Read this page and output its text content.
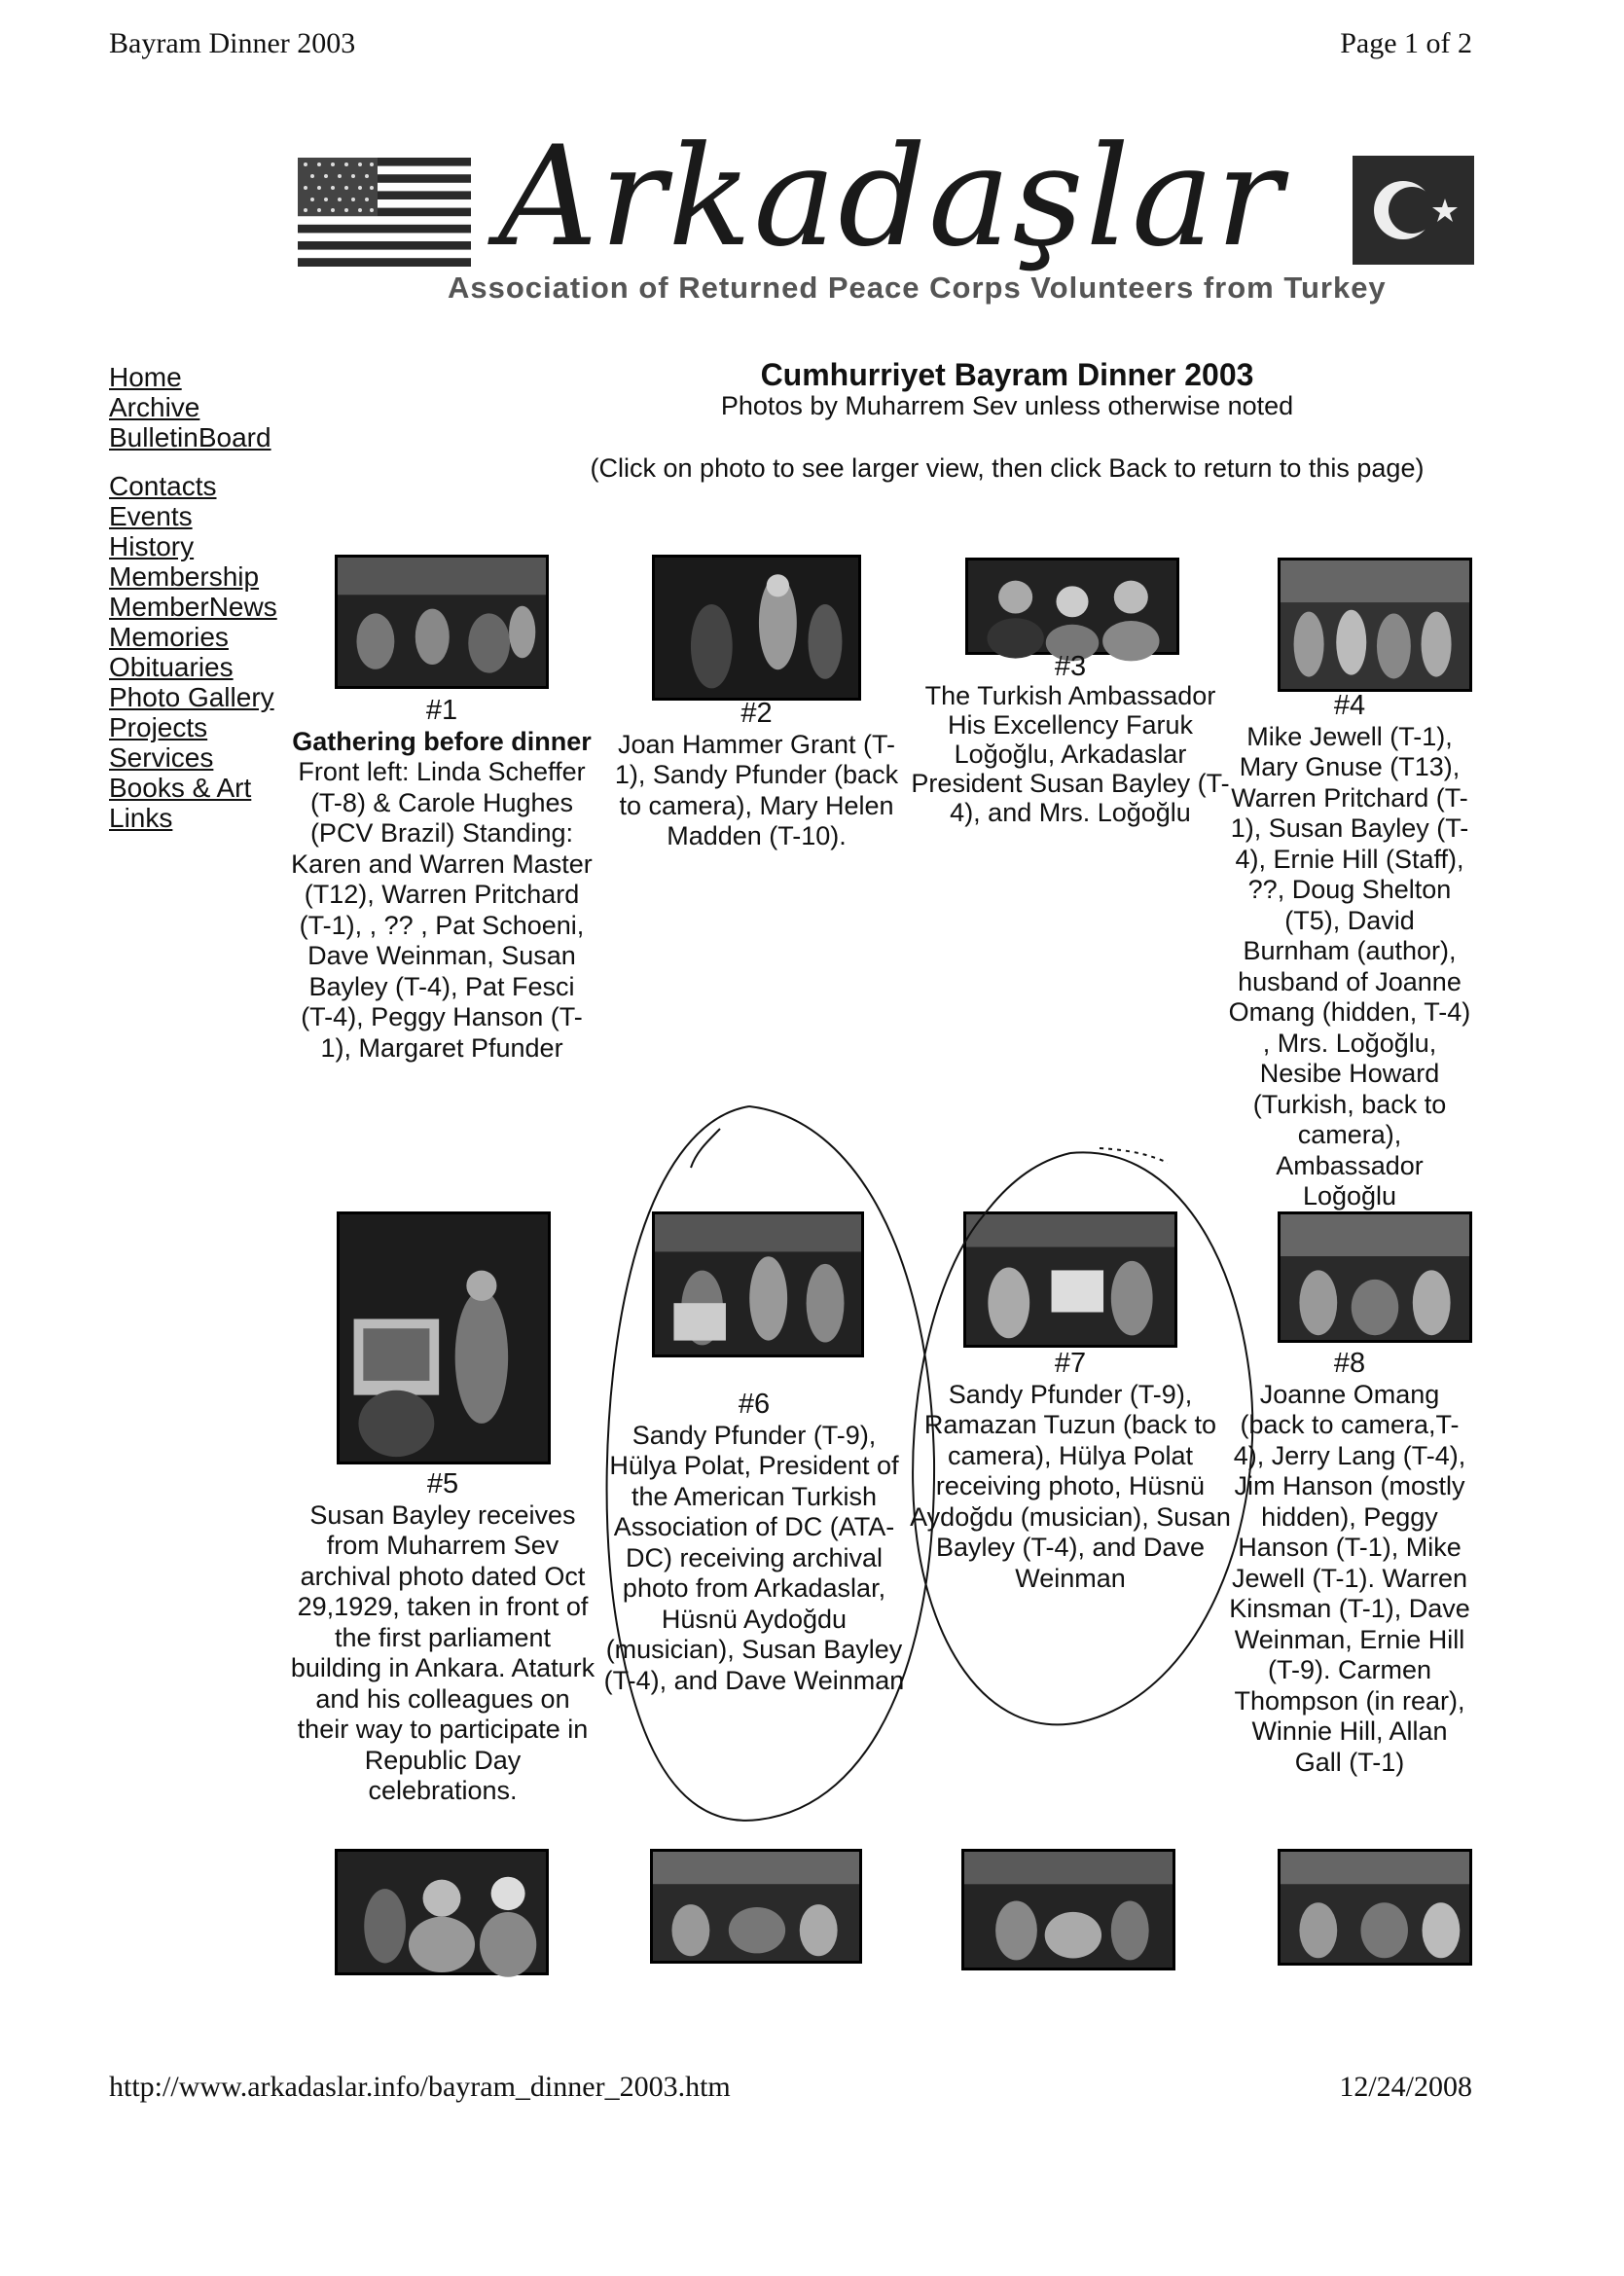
Bayram Dinner 2003	Page 1 of 2
Arkadaşlar
Association of Returned Peace Corps Volunteers from Turkey
Home
Archive
BulletinBoard
Contacts
Events
History
Membership
MemberNews
Memories
Obituaries
Photo Gallery
Projects
Services
Books & Art
Links
Cumhurriyet Bayram Dinner 2003
Photos by Muharrem Sev unless otherwise noted
(Click on photo to see larger view, then click Back to return to this page)
#1
Gathering before dinner Front left: Linda Scheffer (T-8) & Carole Hughes (PCV Brazil) Standing: Karen and Warren Master (T12), Warren Pritchard (T-1), , ?? , Pat Schoeni, Dave Weinman, Susan Bayley (T-4), Pat Fesci (T-4), Peggy Hanson (T-1), Margaret Pfunder
#2
Joan Hammer Grant (T-1), Sandy Pfunder (back to camera), Mary Helen Madden (T-10).
#3
The Turkish Ambassador His Excellency Faruk Loğoğlu, Arkadaslar President Susan Bayley (T-4), and Mrs. Loğoğlu
#4
Mike Jewell (T-1), Mary Gnuse (T13), Warren Pritchard (T-1), Susan Bayley (T-4), Ernie Hill (Staff), ??, Doug Shelton (T5), David Burnham (author), husband of Joanne Omang (hidden, T-4) , Mrs. Loğoğlu, Nesibe Howard (Turkish, back to camera), Ambassador Loğoğlu
#5
Susan Bayley receives from Muharrem Sev archival photo dated Oct 29,1929, taken in front of the first parliament building in Ankara. Ataturk and his colleagues on their way to participate in Republic Day celebrations.
#6
Sandy Pfunder (T-9), Hülya Polat, President of the American Turkish Association of DC (ATA-DC) receiving archival photo from Arkadaslar, Hüsnü Aydoğdu (musician), Susan Bayley (T-4), and Dave Weinman
#7
Sandy Pfunder (T-9), Ramazan Tuzun (back to camera), Hülya Polat receiving photo, Hüsnü Aydoğdu (musician), Susan Bayley (T-4), and Dave Weinman
#8
Joanne Omang (back to camera,T-4), Jerry Lang (T-4), Jim Hanson (mostly hidden), Peggy Hanson (T-1), Mike Jewell (T-1). Warren Kinsman (T-1), Dave Weinman, Ernie Hill (T-9). Carmen Thompson (in rear), Winnie Hill, Allan Gall (T-1)
http://www.arkadaslar.info/bayram_dinner_2003.htm	12/24/2008
